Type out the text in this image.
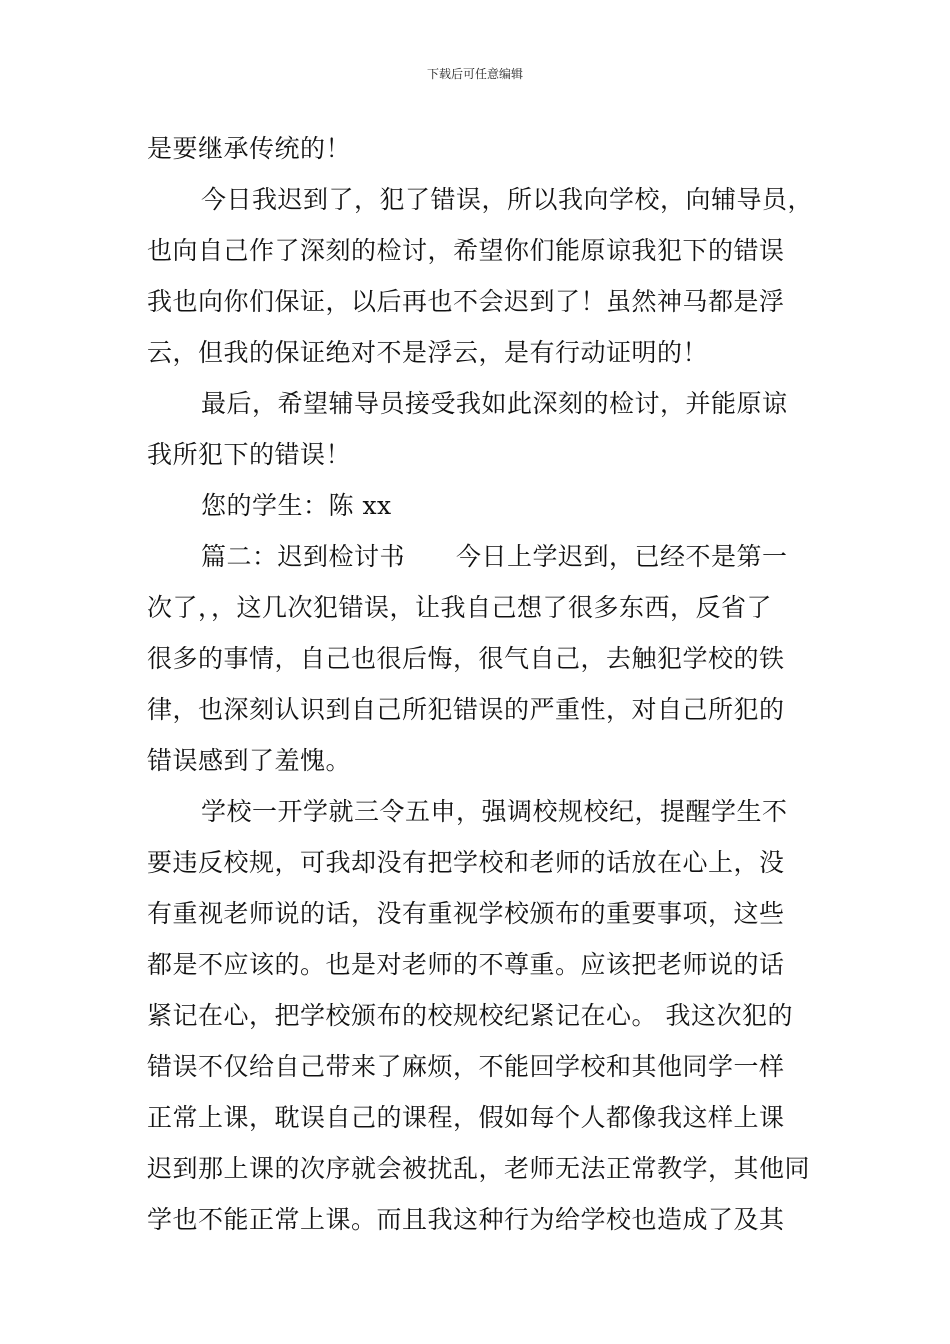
下载后可任意编辑
是要继承传统的！
今日我迟到了，犯了错误，所以我向学校，向辅导员，
也向自己作了深刻的检讨，希望你们能原谅我犯下的错误
我也向你们保证，以后再也不会迟到了！虽然神马都是浮
云，但我的保证绝对不是浮云，是有行动证明的！
最后，希望辅导员接受我如此深刻的检讨，并能原谅
我所犯下的错误！
您的学生：陈 xx
篇二：迟到检讨书　　今日上学迟到，已经不是第一
次了，，这几次犯错误，让我自己想了很多东西，反省了
很多的事情，自己也很后悔，很气自己，去触犯学校的铁
律，也深刻认识到自己所犯错误的严重性，对自己所犯的
错误感到了羞愧。
学校一开学就三令五申，强调校规校纪，提醒学生不
要违反校规，可我却没有把学校和老师的话放在心上，没
有重视老师说的话，没有重视学校颁布的重要事项，这些
都是不应该的。也是对老师的不尊重。应该把老师说的话
紧记在心，把学校颁布的校规校纪紧记在心。 我这次犯的
错误不仅给自己带来了麻烦，不能回学校和其他同学一样
正常上课，耽误自己的课程，假如每个人都像我这样上课
迟到那上课的次序就会被扰乱，老师无法正常教学，其他同
学也不能正常上课。而且我这种行为给学校也造成了及其
